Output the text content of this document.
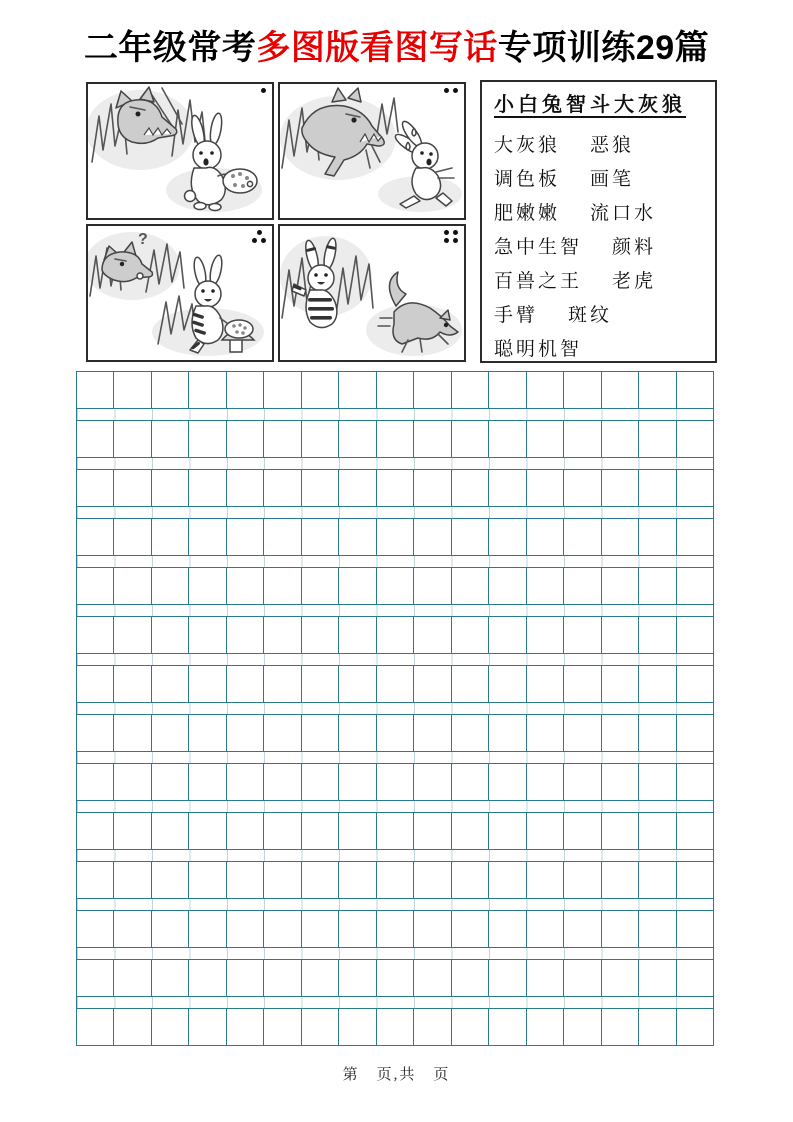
二年级常考多图版看图写话专项训练29篇
?
小白兔智斗大灰狼
大灰狼 恶狼
调色板 画笔
肥嫩嫩 流口水
急中生智 颜料
百兽之王 老虎
手臂 斑纹
聪明机智
第　页,共　页
